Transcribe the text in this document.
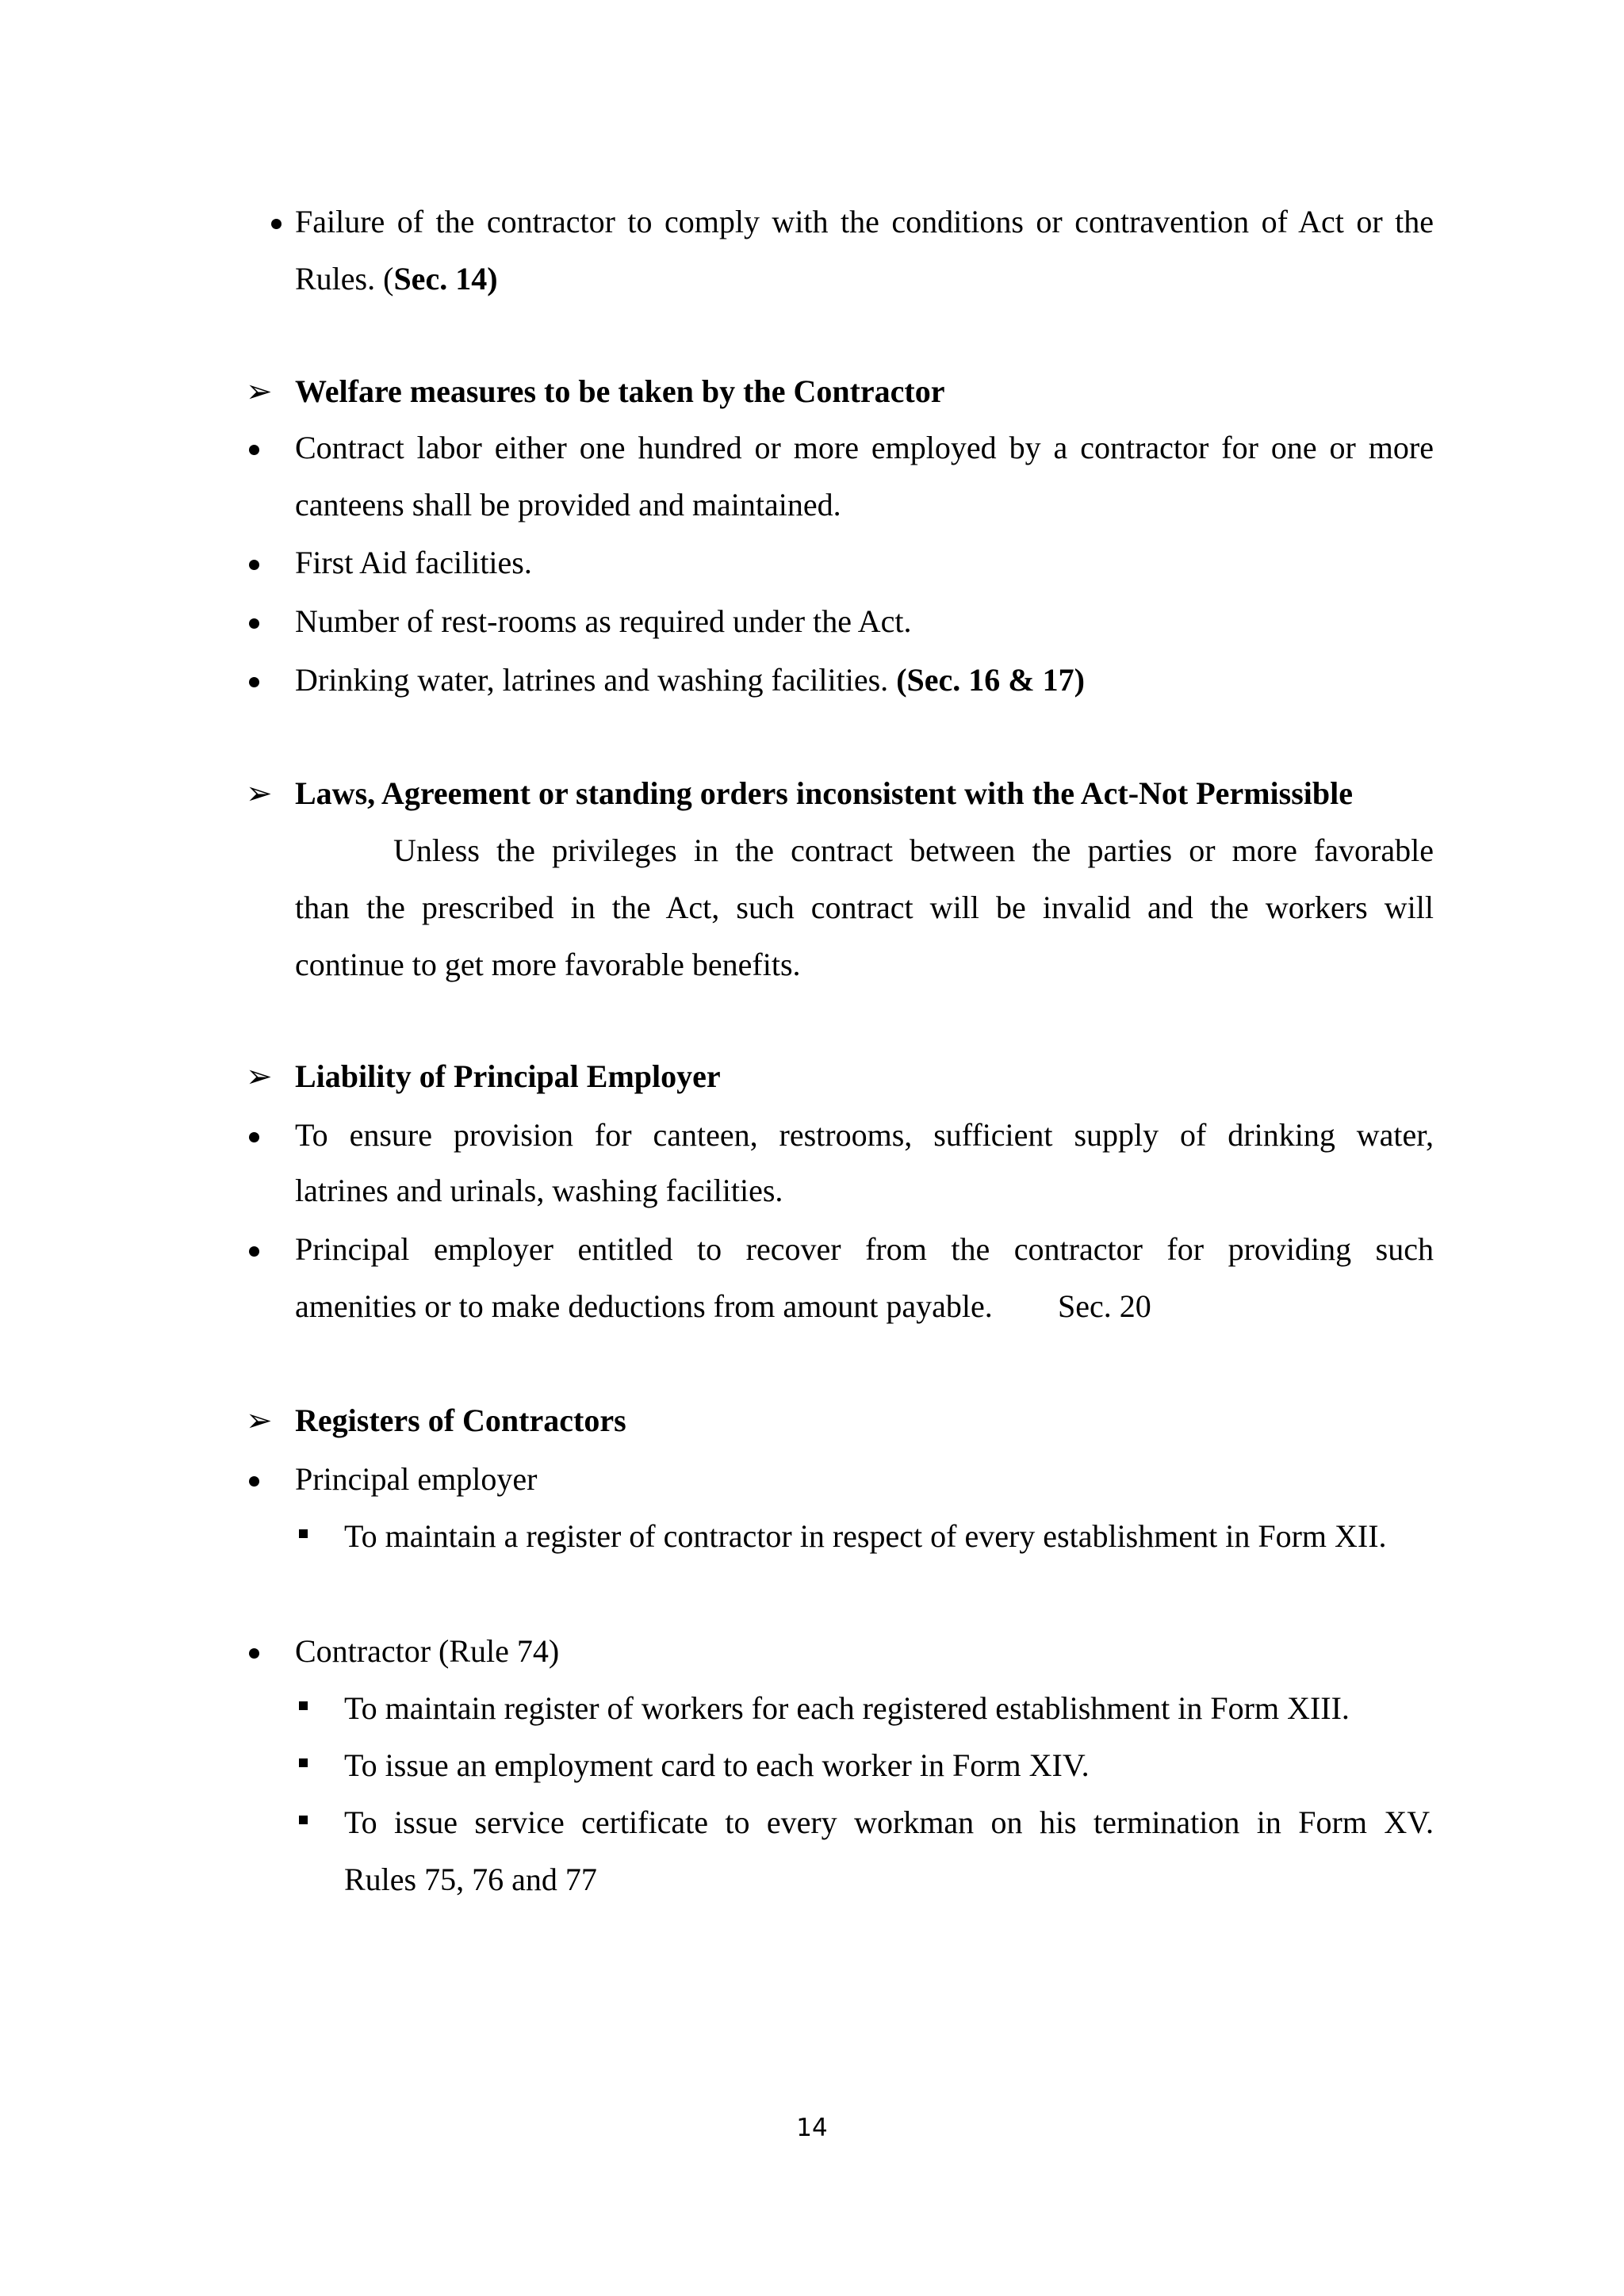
Failure of the contractor to comply with the conditions or contravention of Act or the
Rules. (Sec. 14)
➢ Welfare measures to be taken by the Contractor
Contract labor either one hundred or more employed by a contractor for one or more
canteens shall be provided and maintained.
First Aid facilities.
Number of rest-rooms as required under the Act.
Drinking water, latrines and washing facilities. (Sec. 16 & 17)
➢ Laws, Agreement or standing orders inconsistent with the Act-Not Permissible
Unless the privileges in the contract between the parties or more favorable
than the prescribed in the Act, such contract will be invalid and the workers will
continue to get more favorable benefits.
➢ Liability of Principal Employer
To ensure provision for canteen, restrooms, sufficient supply of drinking water,
latrines and urinals, washing facilities.
Principal employer entitled to recover from the contractor for providing such
amenities or to make deductions from amount payable. Sec. 20
➢ Registers of Contractors
Principal employer
To maintain a register of contractor in respect of every establishment in Form XII.
Contractor (Rule 74)
To maintain register of workers for each registered establishment in Form XIII.
To issue an employment card to each worker in Form XIV.
To issue service certificate to every workman on his termination in Form XV.
Rules 75, 76 and 77
14
